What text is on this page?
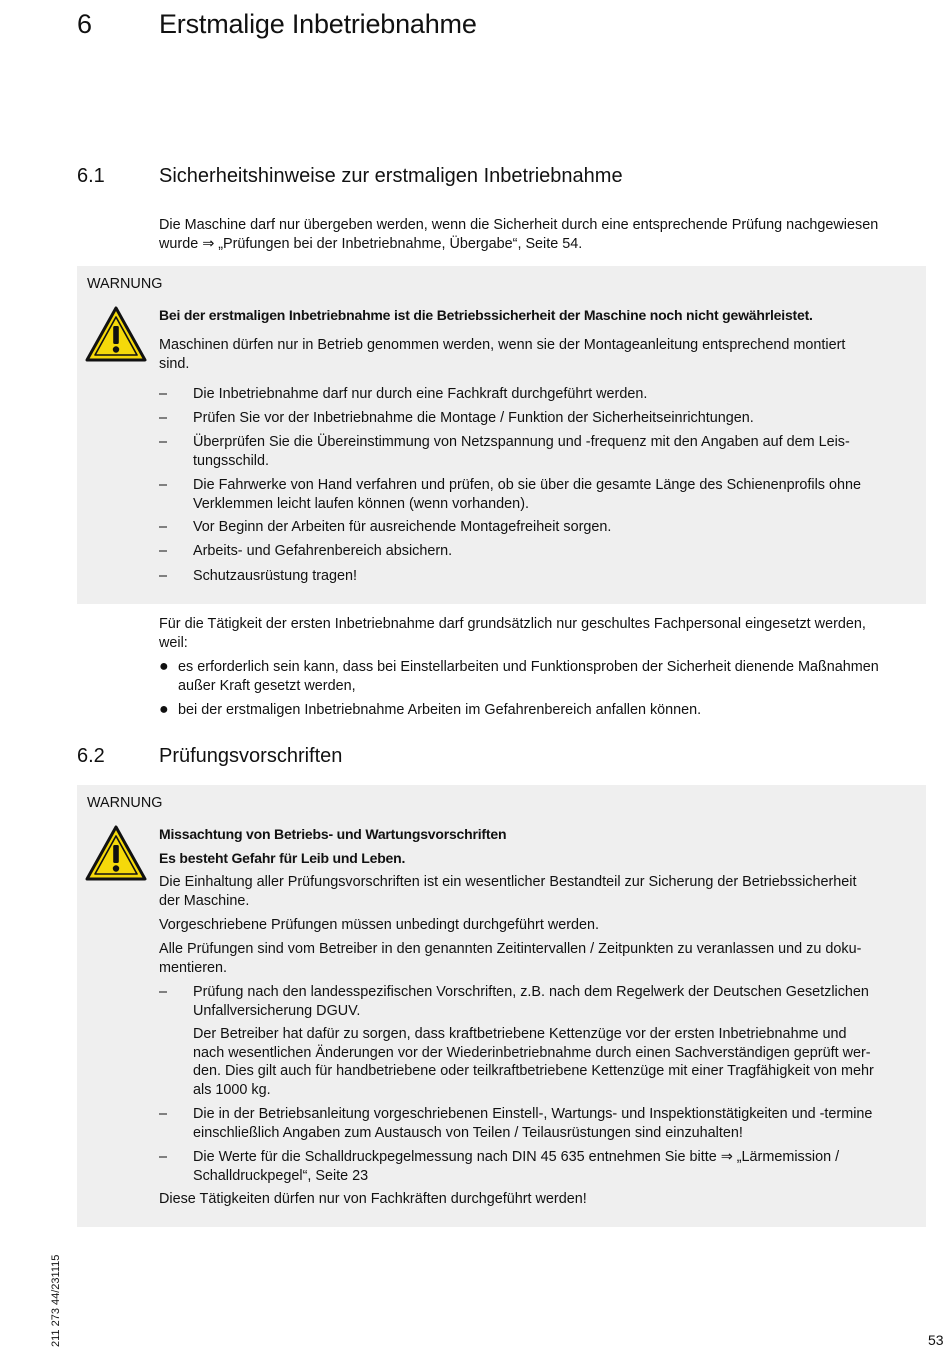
6 Erstmalige Inbetriebnahme
6.1	Sicherheitshinweise zur erstmaligen Inbetriebnahme
Die Maschine darf nur übergeben werden, wenn die Sicherheit durch eine entsprechende Prüfung nachgewiesen
wurde ⇒ „Prüfungen bei der Inbetriebnahme, Übergabe“, Seite 54.
WARNUNG
Bei der erstmaligen Inbetriebnahme ist die Betriebssicherheit der Maschine noch nicht gewährleistet.
Maschinen dürfen nur in Betrieb genommen werden, wenn sie der Montageanleitung entsprechend montiert
sind.
– Die Inbetriebnahme darf nur durch eine Fachkraft durchgeführt werden.
– Prüfen Sie vor der Inbetriebnahme die Montage / Funktion der Sicherheitseinrichtungen.
– Überprüfen Sie die Übereinstimmung von Netzspannung und -frequenz mit den Angaben auf dem Leis-
tungsschild.
– Die Fahrwerke von Hand verfahren und prüfen, ob sie über die gesamte Länge des Schienenprofils ohne
Verklemmen leicht laufen können (wenn vorhanden).
– Vor Beginn der Arbeiten für ausreichende Montagefreiheit sorgen.
– Arbeits- und Gefahrenbereich absichern.
– Schutzausrüstung tragen!
Für die Tätigkeit der ersten Inbetriebnahme darf grundsätzlich nur geschultes Fachpersonal eingesetzt werden,
weil:
● es erforderlich sein kann, dass bei Einstellarbeiten und Funktionsproben der Sicherheit dienende Maßnahmen
außer Kraft gesetzt werden,
● bei der erstmaligen Inbetriebnahme Arbeiten im Gefahrenbereich anfallen können.
6.2	Prüfungsvorschriften
WARNUNG
Missachtung von Betriebs- und Wartungsvorschriften
Es besteht Gefahr für Leib und Leben.
Die Einhaltung aller Prüfungsvorschriften ist ein wesentlicher Bestandteil zur Sicherung der Betriebssicherheit
der Maschine.
Vorgeschriebene Prüfungen müssen unbedingt durchgeführt werden.
Alle Prüfungen sind vom Betreiber in den genannten Zeitintervallen / Zeitpunkten zu veranlassen und zu doku-
mentieren.
– Prüfung nach den landesspezifischen Vorschriften, z.B. nach dem Regelwerk der Deutschen Gesetzlichen
Unfallversicherung DGUV.
Der Betreiber hat dafür zu sorgen, dass kraftbetriebene Kettenzüge vor der ersten Inbetriebnahme und
nach wesentlichen Änderungen vor der Wiederinbetriebnahme durch einen Sachverständigen geprüft wer-
den. Dies gilt auch für handbetriebene oder teilkraftbetriebene Kettenzüge mit einer Tragfähigkeit von mehr
als 1000 kg.
– Die in der Betriebsanleitung vorgeschriebenen Einstell-, Wartungs- und Inspektionstätigkeiten und -termine
einschließlich Angaben zum Austausch von Teilen / Teilausrüstungen sind einzuhalten!
– Die Werte für die Schalldruckpegelmessung nach DIN 45 635 entnehmen Sie bitte ⇒ „Lärmemission /
Schalldruckpegel“, Seite 23
Diese Tätigkeiten dürfen nur von Fachkräften durchgeführt werden!
211 273 44/231115	53
